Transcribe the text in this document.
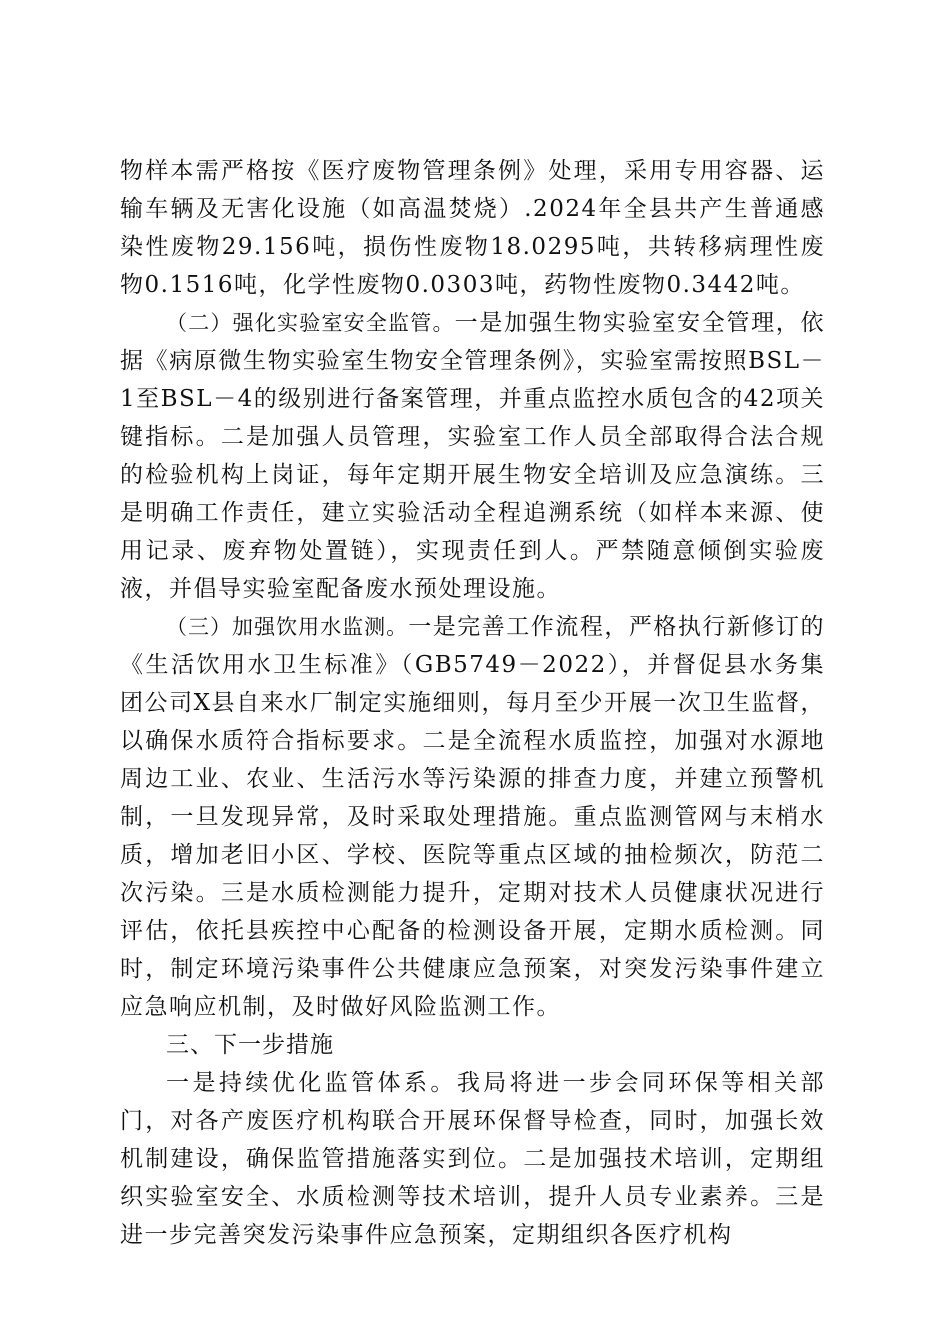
物样本需严格按《医疗废物管理条例》处理，采用专用容器、运输车辆及无害化设施（如高温焚烧）.2024年全县共产生普通感染性废物29.156吨，损伤性废物18.0295吨，共转移病理性废物0.1516吨，化学性废物0.0303吨，药物性废物0.3442吨。

（二）强化实验室安全监管。一是加强生物实验室安全管理，依据《病原微生物实验室生物安全管理条例》，实验室需按照BSL－1至BSL－4的级别进行备案管理，并重点监控水质包含的42项关键指标。二是加强人员管理，实验室工作人员全部取得合法合规的检验机构上岗证，每年定期开展生物安全培训及应急演练。三是明确工作责任，建立实验活动全程追溯系统（如样本来源、使用记录、废弃物处置链），实现责任到人。严禁随意倾倒实验废液，并倡导实验室配备废水预处理设施。

（三）加强饮用水监测。一是完善工作流程，严格执行新修订的《生活饮用水卫生标准》（GB5749－2022），并督促县水务集团公司X县自来水厂制定实施细则，每月至少开展一次卫生监督，以确保水质符合指标要求。二是全流程水质监控，加强对水源地周边工业、农业、生活污水等污染源的排查力度，并建立预警机制，一旦发现异常，及时采取处理措施。重点监测管网与末梢水质，增加老旧小区、学校、医院等重点区域的抽检频次，防范二次污染。三是水质检测能力提升，定期对技术人员健康状况进行评估，依托县疾控中心配备的检测设备开展，定期水质检测。同时，制定环境污染事件公共健康应急预案，对突发污染事件建立应急响应机制，及时做好风险监测工作。

三、下一步措施

一是持续优化监管体系。我局将进一步会同环保等相关部门，对各产废医疗机构联合开展环保督导检查，同时，加强长效机制建设，确保监管措施落实到位。二是加强技术培训，定期组织实验室安全、水质检测等技术培训，提升人员专业素养。三是进一步完善突发污染事件应急预案，定期组织各医疗机构
